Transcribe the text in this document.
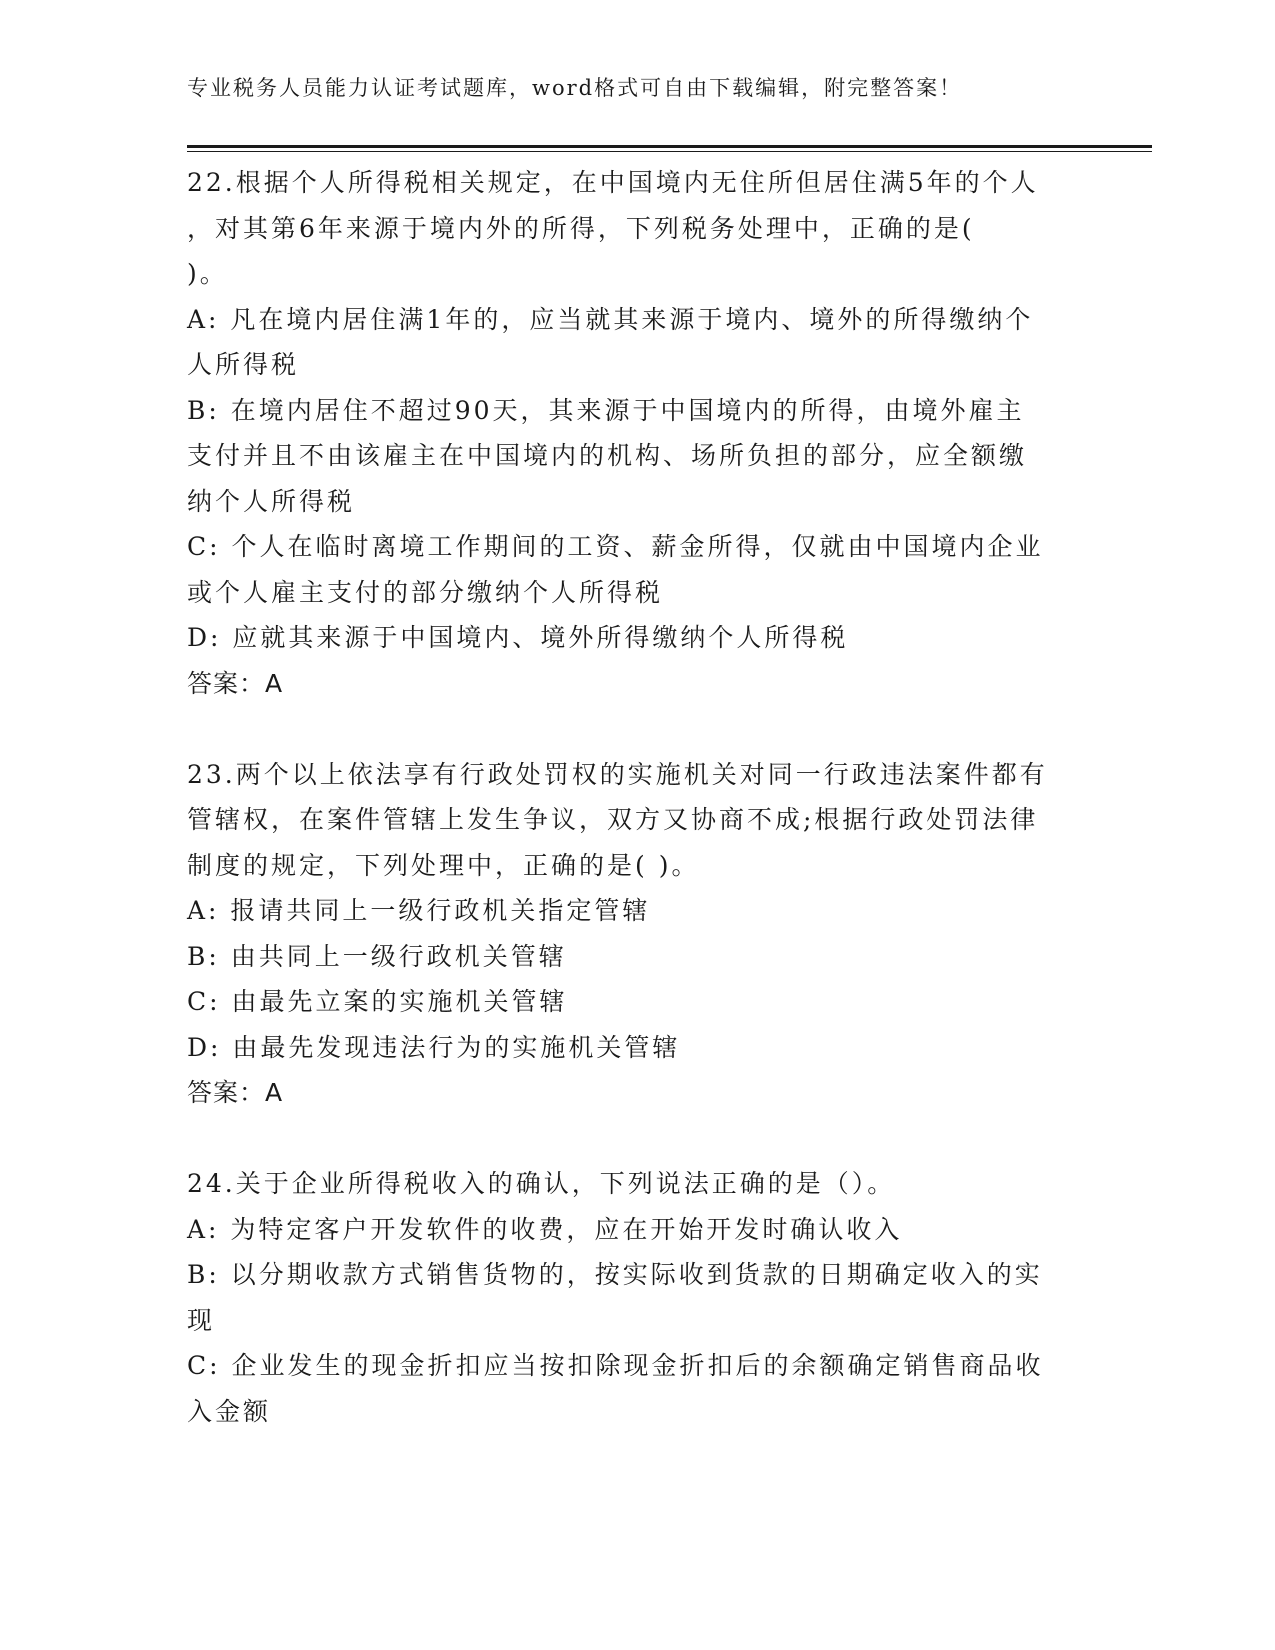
专业税务人员能力认证考试题库，word格式可自由下载编辑，附完整答案！
22.根据个人所得税相关规定，在中国境内无住所但居住满5年的个人
，对其第6年来源于境内外的所得，下列税务处理中，正确的是(
)。
A: 凡在境内居住满1年的，应当就其来源于境内、境外的所得缴纳个
人所得税
B: 在境内居住不超过90天，其来源于中国境内的所得，由境外雇主
支付并且不由该雇主在中国境内的机构、场所负担的部分，应全额缴
纳个人所得税
C: 个人在临时离境工作期间的工资、薪金所得，仅就由中国境内企业
或个人雇主支付的部分缴纳个人所得税
D: 应就其来源于中国境内、境外所得缴纳个人所得税
答案：A
23.两个以上依法享有行政处罚权的实施机关对同一行政违法案件都有
管辖权，在案件管辖上发生争议，双方又协商不成;根据行政处罚法律
制度的规定，下列处理中，正确的是( )。
A: 报请共同上一级行政机关指定管辖
B: 由共同上一级行政机关管辖
C: 由最先立案的实施机关管辖
D: 由最先发现违法行为的实施机关管辖
答案：A
24.关于企业所得税收入的确认，下列说法正确的是（）。
A: 为特定客户开发软件的收费，应在开始开发时确认收入
B: 以分期收款方式销售货物的，按实际收到货款的日期确定收入的实
现
C: 企业发生的现金折扣应当按扣除现金折扣后的余额确定销售商品收
入金额
